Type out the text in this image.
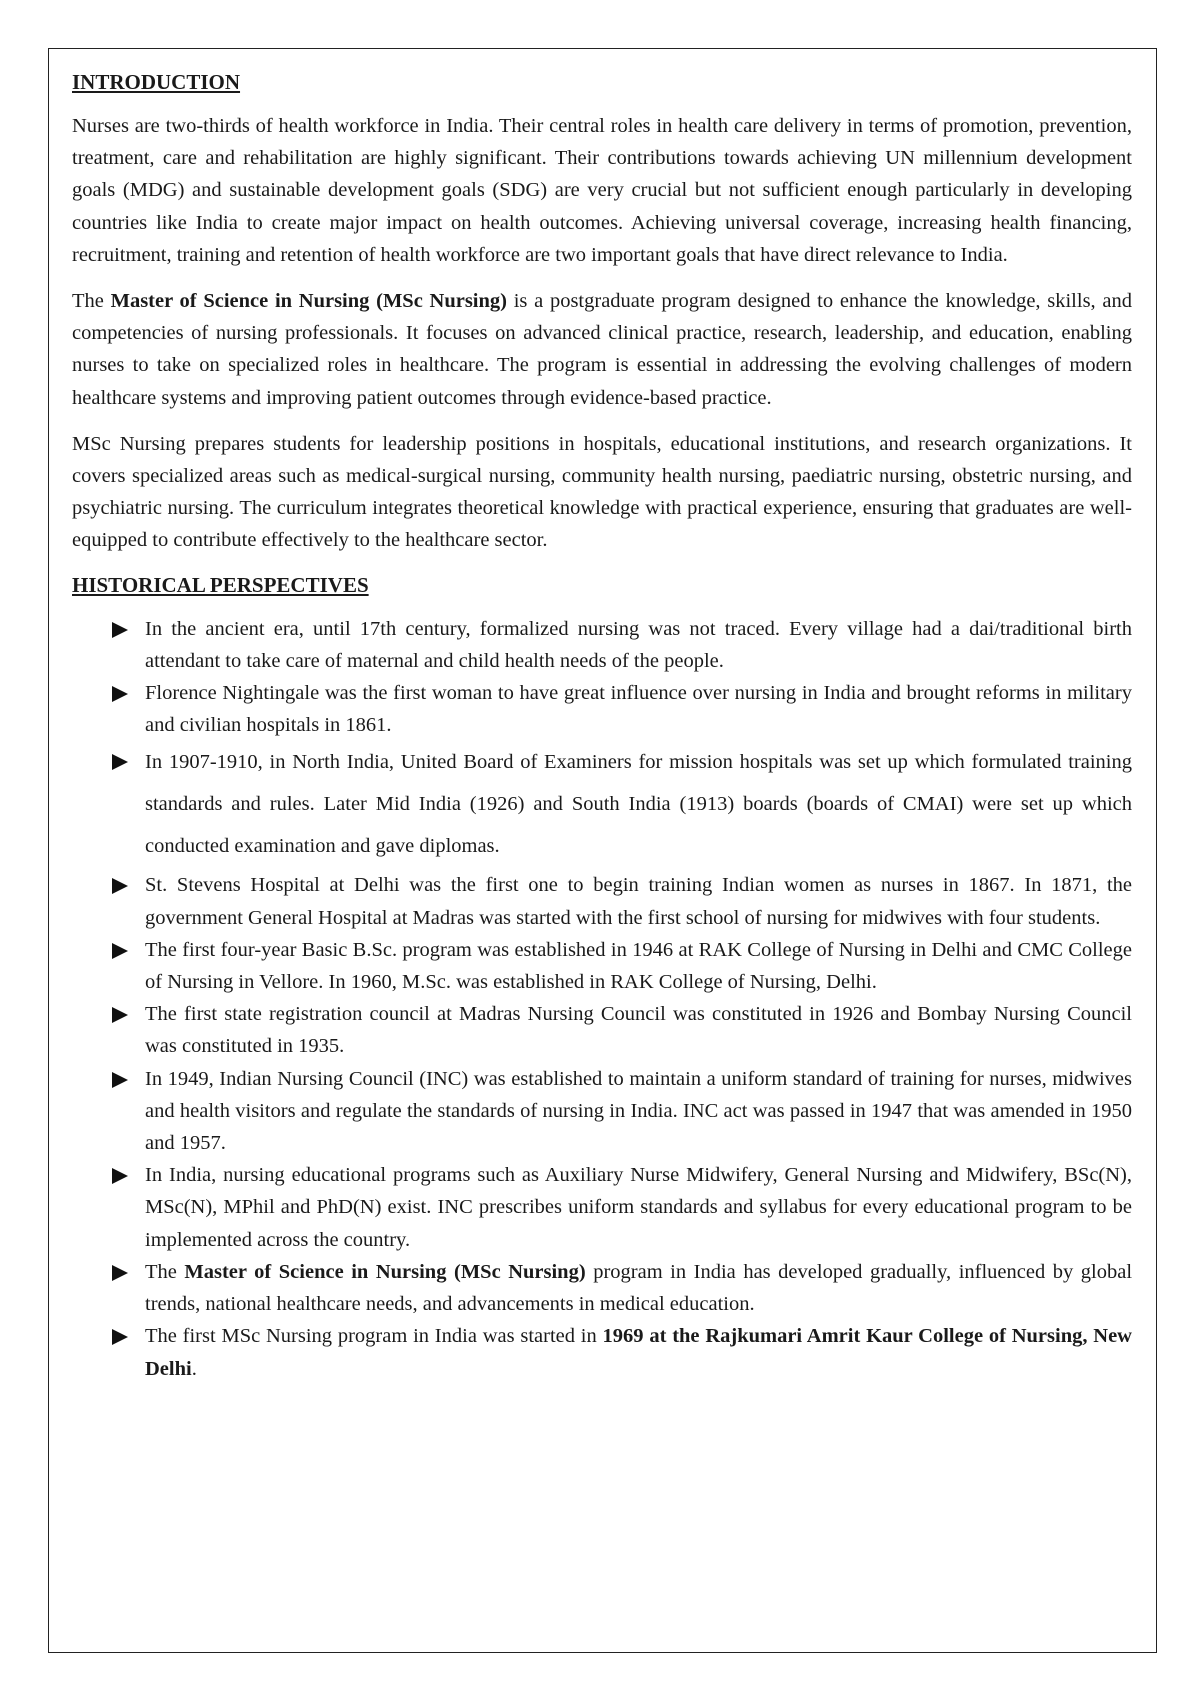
INTRODUCTION

Nurses are two-thirds of health workforce in India. Their central roles in health care delivery in terms of promotion, prevention, treatment, care and rehabilitation are highly significant. Their contributions towards achieving UN millennium development goals (MDG) and sustainable development goals (SDG) are very crucial but not sufficient enough particularly in developing countries like India to create major impact on health outcomes. Achieving universal coverage, increasing health financing, recruitment, training and retention of health workforce are two important goals that have direct relevance to India.

The Master of Science in Nursing (MSc Nursing) is a postgraduate program designed to enhance the knowledge, skills, and competencies of nursing professionals. It focuses on advanced clinical practice, research, leadership, and education, enabling nurses to take on specialized roles in healthcare. The program is essential in addressing the evolving challenges of modern healthcare systems and improving patient outcomes through evidence-based practice.

MSc Nursing prepares students for leadership positions in hospitals, educational institutions, and research organizations. It covers specialized areas such as medical-surgical nursing, community health nursing, paediatric nursing, obstetric nursing, and psychiatric nursing. The curriculum integrates theoretical knowledge with practical experience, ensuring that graduates are well-equipped to contribute effectively to the healthcare sector.

HISTORICAL PERSPECTIVES
In the ancient era, until 17th century, formalized nursing was not traced. Every village had a dai/traditional birth attendant to take care of maternal and child health needs of the people.
Florence Nightingale was the first woman to have great influence over nursing in India and brought reforms in military and civilian hospitals in 1861.
In 1907-1910, in North India, United Board of Examiners for mission hospitals was set up which formulated training standards and rules. Later Mid India (1926) and South India (1913) boards (boards of CMAI) were set up which conducted examination and gave diplomas.
St. Stevens Hospital at Delhi was the first one to begin training Indian women as nurses in 1867. In 1871, the government General Hospital at Madras was started with the first school of nursing for midwives with four students.
The first four-year Basic B.Sc. program was established in 1946 at RAK College of Nursing in Delhi and CMC College of Nursing in Vellore. In 1960, M.Sc. was established in RAK College of Nursing, Delhi.
The first state registration council at Madras Nursing Council was constituted in 1926 and Bombay Nursing Council was constituted in 1935.
In 1949, Indian Nursing Council (INC) was established to maintain a uniform standard of training for nurses, midwives and health visitors and regulate the standards of nursing in India. INC act was passed in 1947 that was amended in 1950 and 1957.
In India, nursing educational programs such as Auxiliary Nurse Midwifery, General Nursing and Midwifery, BSc(N), MSc(N), MPhil and PhD(N) exist. INC prescribes uniform standards and syllabus for every educational program to be implemented across the country.
The Master of Science in Nursing (MSc Nursing) program in India has developed gradually, influenced by global trends, national healthcare needs, and advancements in medical education.
The first MSc Nursing program in India was started in 1969 at the Rajkumari Amrit Kaur College of Nursing, New Delhi.
